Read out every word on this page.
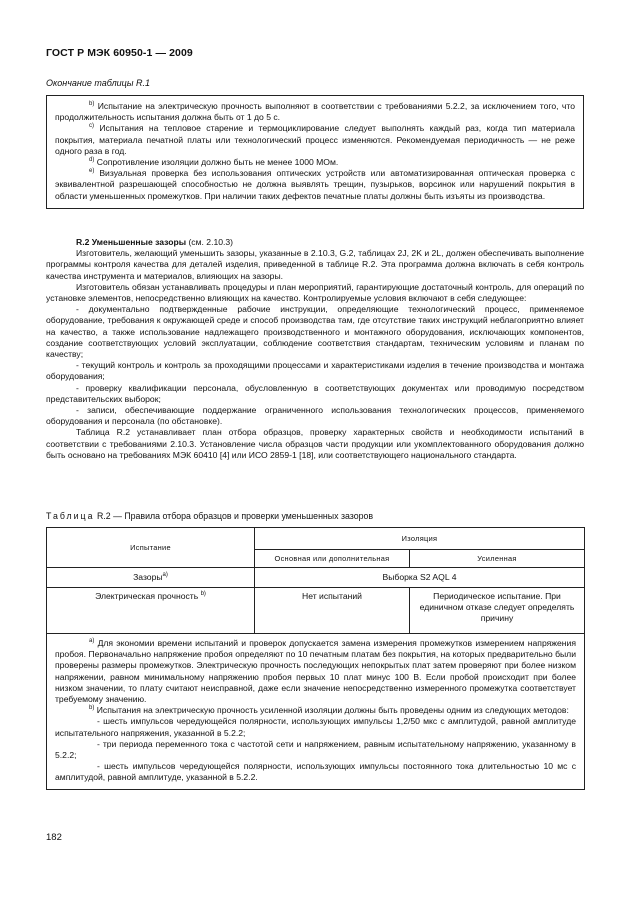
ГОСТ Р МЭК 60950-1 — 2009
Окончание таблицы R.1

$^{b)}$ Испытание на электрическую прочность выполняют в соответствии с требованиями 5.2.2, за исключением того, что продолжительность испытания должна быть от 1 до 5 с.

$^{c)}$ Испытания на тепловое старение и термоциклирование следует выполнять каждый раз, когда тип материала покрытия, материала печатной платы или технологический процесс изменяются. Рекомендуемая периодичность — не реже одного раза в год.

$^{d)}$ Сопротивление изоляции должно быть не менее 1000 МОм.

$^{e)}$ Визуальная проверка без использования оптических устройств или автоматизированная оптическая проверка с эквивалентной разрешающей способностью не должна выявлять трещин, пузырьков, ворсинок или нарушений покрытия в области уменьшенных промежутков. При наличии таких дефектов печатные платы должны быть изъяты из производства.

R.2 Уменьшенные зазоры (см. 2.10.3)

Изготовитель, желающий уменьшить зазоры, указанные в 2.10.3, G.2, таблицах 2J, 2K и 2L, должен обеспечивать выполнение программы контроля качества для деталей изделия, приведенной в таблице R.2. Эта программа должна включать в себя контроль качества инструмента и материалов, влияющих на зазоры.

Изготовитель обязан устанавливать процедуры и план мероприятий, гарантирующие достаточный контроль, для операций по установке элементов, непосредственно влияющих на качество. Контролируемые условия включают в себя следующее:

- документально подтвержденные рабочие инструкции, определяющие технологический процесс, применяемое оборудование, требования к окружающей среде и способ производства там, где отсутствие таких инструкций неблагоприятно влияет на качество, а также использование надлежащего производственного и монтажного оборудования, исключающих компонентов, создание соответствующих условий эксплуатации, соблюдение соответствия стандартам, техническим условиям и планам по качеству;

- текущий контроль и контроль за проходящими процессами и характеристиками изделия в течение производства и монтажа оборудования;

- проверку квалификации персонала, обусловленную в соответствующих документах или проводимую посредством представительских выборок;

- записи, обеспечивающие поддержание ограниченного использования технологических процессов, применяемого оборудования и персонала (по обстановке).

Таблица R.2 устанавливает план отбора образцов, проверку характерных свойств и необходимости испытаний в соответствии с требованиями 2.10.3. Установление числа образцов части продукции или укомплектованного оборудования должно быть основано на требованиях МЭК 60410 [4] или ИСО 2859-1 [18], или соответствующего национального стандарта.

Таблица R.2 — Правила отбора образцов и проверки уменьшенных зазоров
Испытание	Изоляция	
	Основная или дополнительная	Усиленная
Зазоры$^{a)}$	Выборка S2 AQL 4	
Электрическая прочность $^{b)}$	Нет испытаний	Периодическое испытание. При единичном отказе следует определять причину

$^{a)}$ Для экономии времени испытаний и проверок допускается замена измерения промежутков измерением напряжения пробоя. Первоначально напряжение пробоя определяют по 10 печатным платам без покрытия, на которых предварительно были проверены размеры промежутков. Электрическую прочность последующих непокрытых плат затем проверяют при более низком напряжении, равном минимальному напряжению пробоя первых 10 плат минус 100 В. Если пробой происходит при более низком значении, то плату считают неисправной, даже если значение непосредственно измеренного промежутка соответствует требуемому значению.

$^{b)}$ Испытания на электрическую прочность усиленной изоляции должны быть проведены одним из следующих методов:

- шесть импульсов чередующейся полярности, использующих импульсы 1,2/50 мкс с амплитудой, равной амплитуде испытательного напряжения, указанной в 5.2.2;

- три периода переменного тока с частотой сети и напряжением, равным испытательному напряжению, указанному в 5.2.2;

- шесть импульсов чередующейся полярности, использующих импульсы постоянного тока длительностью 10 мс с амплитудой, равной амплитуде, указанной в 5.2.2.		

182
